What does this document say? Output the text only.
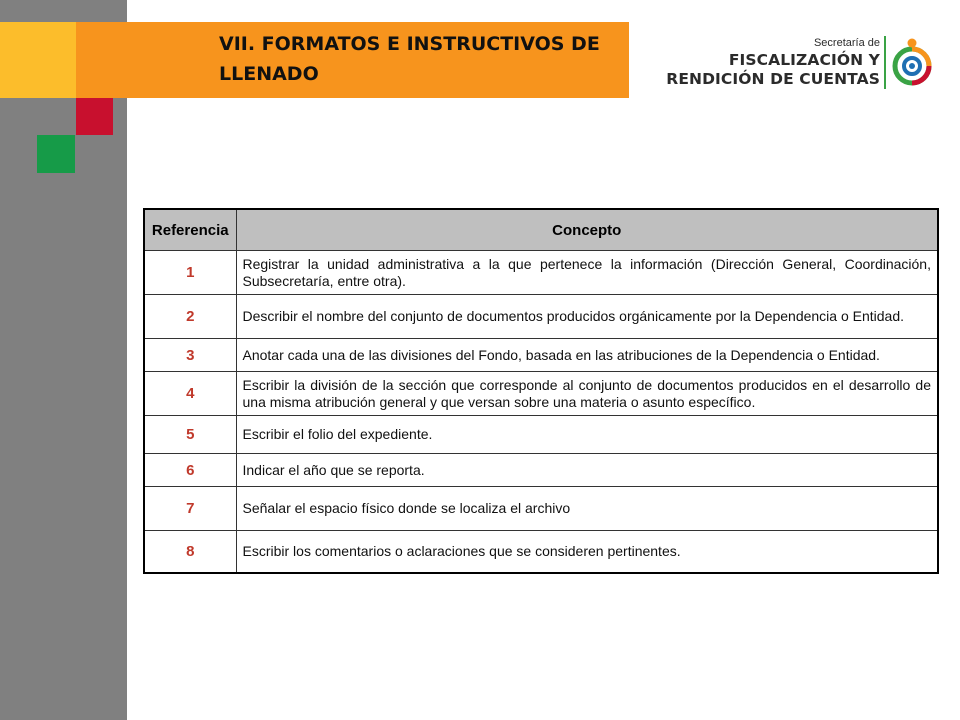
VII. FORMATOS E INSTRUCTIVOS DE LLENADO
Secretaría de
FISCALIZACIÓN Y
RENDICIÓN DE CUENTAS
Referencia	Concepto
1	Registrar la unidad administrativa a la que pertenece la información (Dirección General, Coordinación, Subsecretaría, entre otra).
2	Describir el nombre del conjunto de documentos producidos orgánicamente por la Dependencia o Entidad.
3	Anotar cada una de las divisiones del Fondo, basada en las atribuciones de la Dependencia o Entidad.
4	Escribir la división de la sección que corresponde al conjunto de documentos producidos en el desarrollo de una misma atribución general y que versan sobre una materia o asunto específico.
5	Escribir el folio del expediente.
6	Indicar el año que se reporta.
7	Señalar el espacio físico donde se localiza el archivo
8	Escribir los comentarios o aclaraciones que se consideren pertinentes.
